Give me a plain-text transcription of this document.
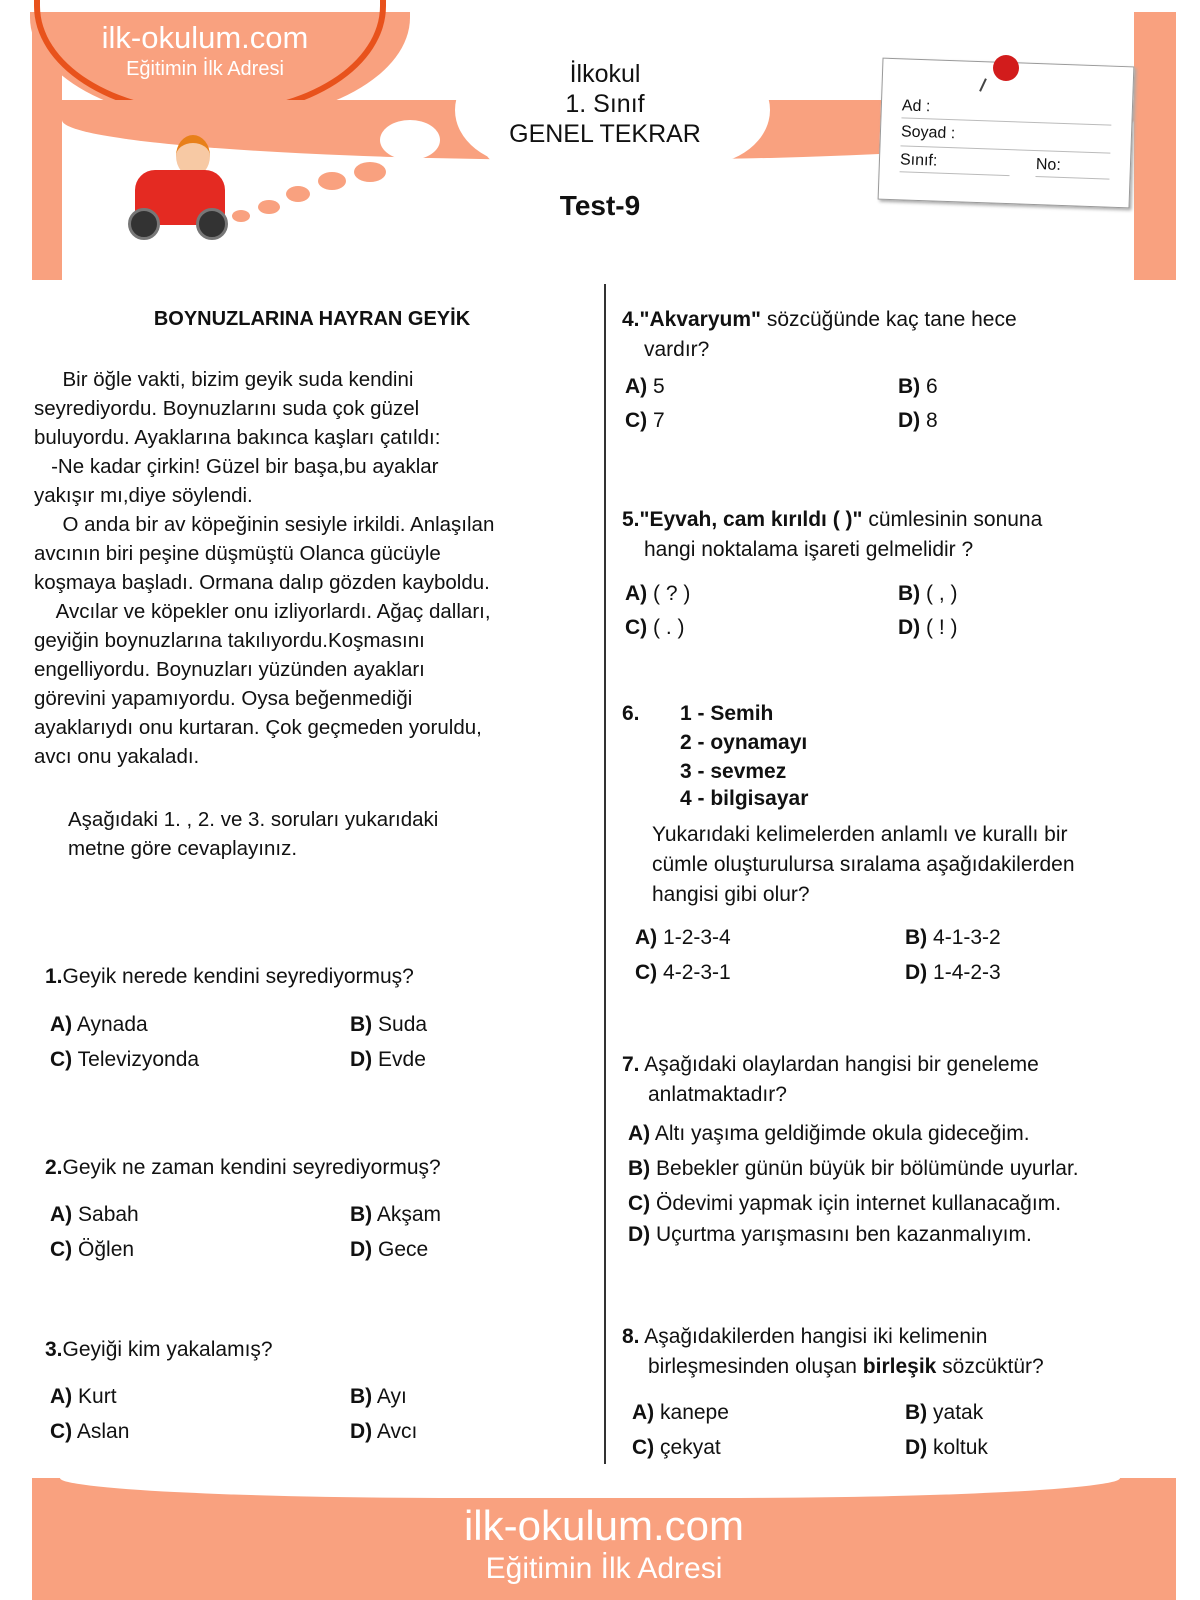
ilk-okulum.com
Eğitimin İlk Adresi	İlkokul
1. Sınıf
GENEL TEKRAR
Ad :
Soyad :
Sınıf:	No:
Test-9
BOYNUZLARINA HAYRAN GEYİK
Bir öğle vakti, bizim geyik suda kendini
seyrediyordu. Boynuzlarını suda çok güzel
buluyordu. Ayaklarına bakınca kaşları çatıldı:
-Ne kadar çirkin! Güzel bir başa,bu ayaklar
yakışır mı,diye söylendi.
O anda bir av köpeğinin sesiyle irkildi. Anlaşılan
avcının biri peşine düşmüştü Olanca gücüyle
koşmaya başladı. Ormana dalıp gözden kayboldu.
Avcılar ve köpekler onu izliyorlardı. Ağaç dalları,
geyiğin boynuzlarına takılıyordu.Koşmasını
engelliyordu. Boynuzları yüzünden ayakları
görevini yapamıyordu. Oysa beğenmediği
ayaklarıydı onu kurtaran. Çok geçmeden yoruldu,
avcı onu yakaladı.
Aşağıdaki 1. , 2. ve 3. soruları yukarıdaki
metne göre cevaplayınız.
1.Geyik nerede kendini seyrediyormuş?
A) Aynada	B) Suda
C) Televizyonda	D) Evde
2.Geyik ne zaman kendini seyrediyormuş?
A) Sabah	B) Akşam
C) Öğlen	D) Gece
3.Geyiği kim yakalamış?
A) Kurt	B) Ayı
C) Aslan	D) Avcı
4."Akvaryum" sözcüğünde kaç tane hece
vardır?
A) 5	B) 6
C) 7	D) 8
5."Eyvah, cam kırıldı ( )" cümlesinin sonuna
hangi noktalama işareti gelmelidir ?
A) ( ? )	B) ( , )
C) ( . )	D) ( ! )
6. 1 - Semih
2 - oynamayı
3 - sevmez
4 - bilgisayar
Yukarıdaki kelimelerden anlamlı ve kurallı bir
cümle oluşturulursa sıralama aşağıdakilerden
hangisi gibi olur?
A) 1-2-3-4	B) 4-1-3-2
C) 4-2-3-1	D) 1-4-2-3
7. Aşağıdaki olaylardan hangisi bir geneleme
anlatmaktadır?
A) Altı yaşıma geldiğimde okula gideceğim.
B) Bebekler günün büyük bir bölümünde uyurlar.
C) Ödevimi yapmak için internet kullanacağım.
D) Uçurtma yarışmasını ben kazanmalıyım.
8. Aşağıdakilerden hangisi iki kelimenin
birleşmesinden oluşan birleşik sözcüktür?
A) kanepe	B) yatak
C) çekyat	D) koltuk
ilk-okulum.com
Eğitimin İlk Adresi
